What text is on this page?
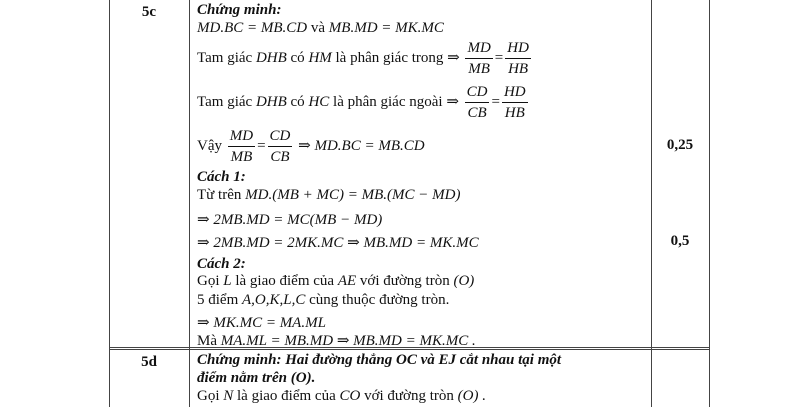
5c
5d
0,25
0,5
Chứng minh:
MD.BC = MB.CD và MB.MD = MK.MC
Tam giác DHB có HM là phân giác trong ⇒ $\frac{MD}{MB} = \frac{HD}{HB}$
Tam giác DHB có HC là phân giác ngoài ⇒ $\frac{CD}{CB} = \frac{HD}{HB}$
Vậy $\frac{MD}{MB} = \frac{CD}{CB}$ ⇒ MD.BC = MB.CD
Cách 1:
Từ trên MD.(MB + MC) = MB.(MC − MD)
⇒ 2MB.MD = MC(MB − MD)
⇒ 2MB.MD = 2MK.MC ⇒ MB.MD = MK.MC
Cách 2:
Gọi L là giao điểm của AE với đường tròn (O)
5 điểm A,O,K,L,C cùng thuộc đường tròn.
⇒ MK.MC = MA.ML
Mà MA.ML = MB.MD ⇒ MB.MD = MK.MC .
Chứng minh: Hai đường thẳng OC và EJ cắt nhau tại một
điểm nằm trên (O).
Gọi N là giao điểm của CO với đường tròn (O) .
